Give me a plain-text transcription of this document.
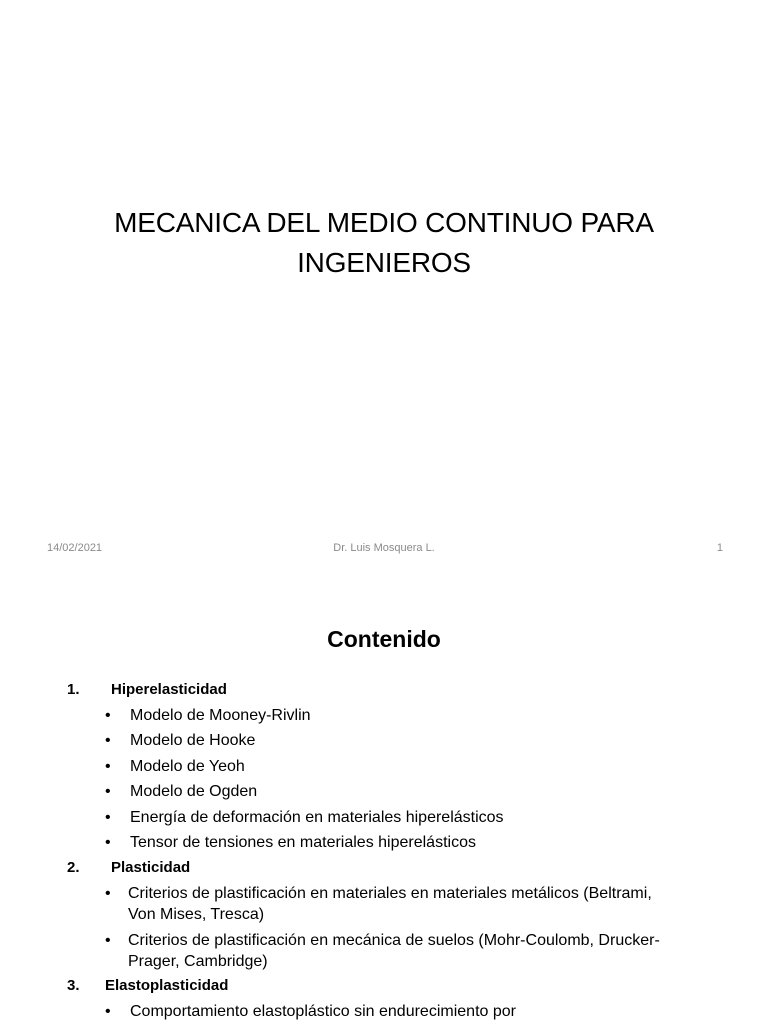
MECANICA DEL MEDIO CONTINUO PARA
INGENIEROS
14/02/2021	Dr. Luis Mosquera L.	1
Contenido
1. Hiperelasticidad
• Modelo de Mooney-Rivlin
• Modelo de Hooke
• Modelo de Yeoh
• Modelo de Ogden
• Energía de deformación en materiales hiperelásticos
• Tensor de tensiones en materiales hiperelásticos
2. Plasticidad
• Criterios de plastificación en materiales en materiales metálicos (Beltrami, Von Mises, Tresca)
• Criterios de plastificación en mecánica de suelos (Mohr-Coulomb, Drucker-Prager, Cambridge)
3. Elastoplasticidad
• Comportamiento elastoplástico sin endurecimiento por
